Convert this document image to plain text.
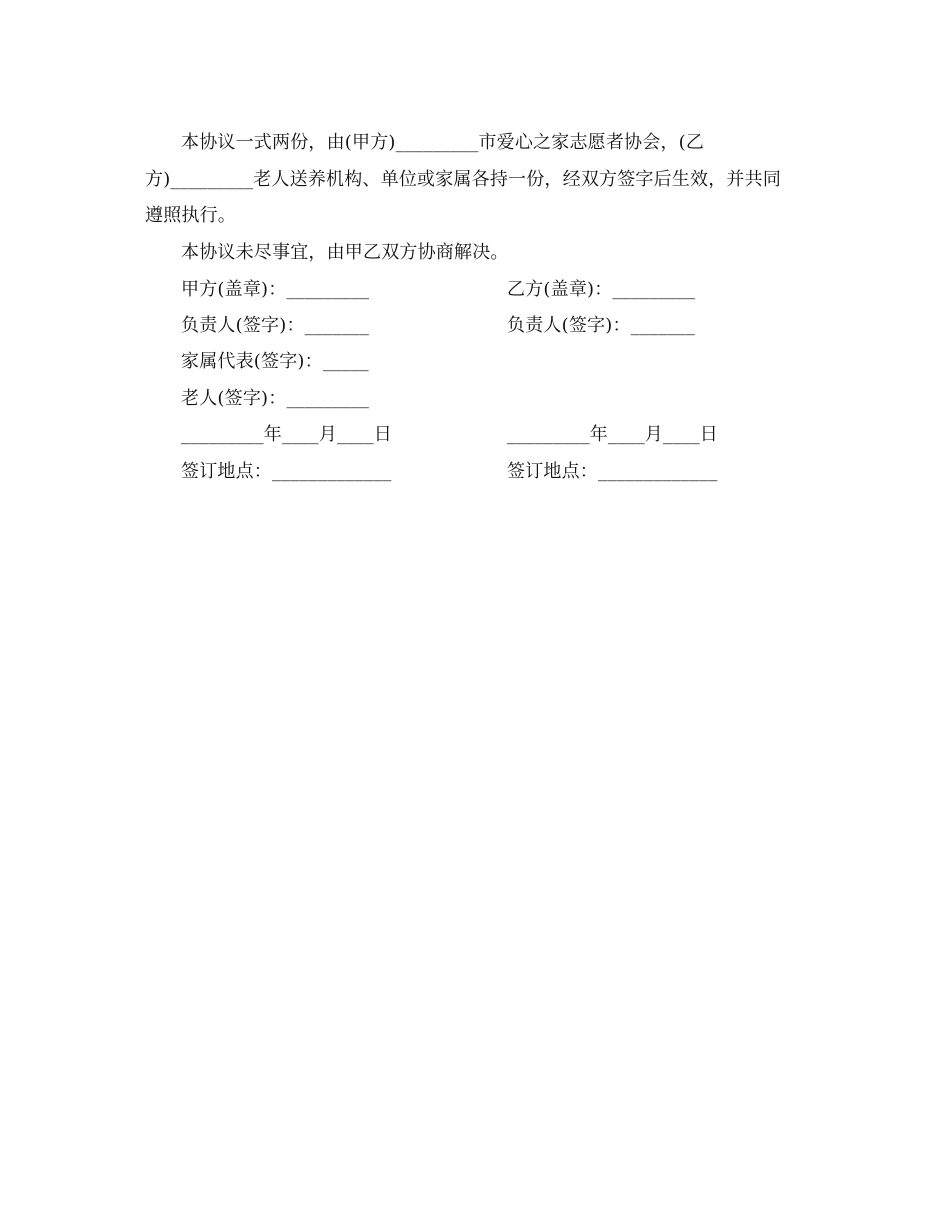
本协议一式两份，由(甲方)_________市爱心之家志愿者协会，(乙
方)_________老人送养机构、单位或家属各持一份，经双方签字后生效，并共同
遵照执行。
本协议未尽事宜，由甲乙双方协商解决。
甲方(盖章)：_________	乙方(盖章)：_________
负责人(签字)：_______	负责人(签字)：_______
家属代表(签字)：_____
老人(签字)：_________
_________年____月____日	_________年____月____日
签订地点：_____________	签订地点：_____________
